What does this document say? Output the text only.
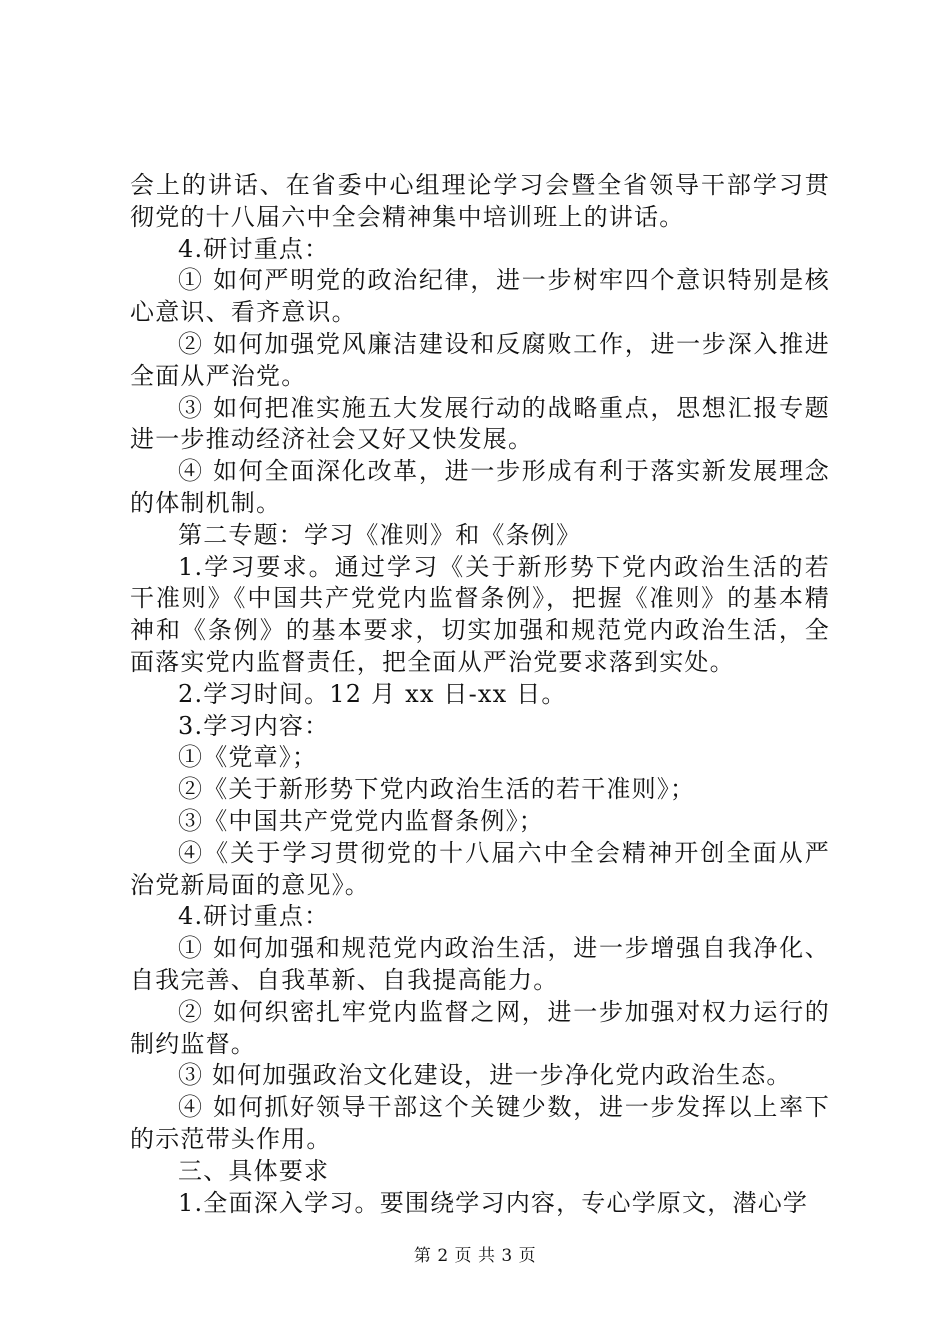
会上的讲话、在省委中心组理论学习会暨全省领导干部学习贯彻党的十八届六中全会精神集中培训班上的讲话。

4.研讨重点：

① 如何严明党的政治纪律，进一步树牢四个意识特别是核心意识、看齐意识。

② 如何加强党风廉洁建设和反腐败工作，进一步深入推进全面从严治党。

③ 如何把准实施五大发展行动的战略重点，思想汇报专题进一步推动经济社会又好又快发展。

④ 如何全面深化改革，进一步形成有利于落实新发展理念的体制机制。

第二专题：学习《准则》和《条例》

1.学习要求。通过学习《关于新形势下党内政治生活的若干准则》《中国共产党党内监督条例》，把握《准则》的基本精神和《条例》的基本要求，切实加强和规范党内政治生活，全面落实党内监督责任，把全面从严治党要求落到实处。

2.学习时间。12 月 xx 日-xx 日。

3.学习内容：

①《党章》；

②《关于新形势下党内政治生活的若干准则》；

③《中国共产党党内监督条例》；

④《关于学习贯彻党的十八届六中全会精神开创全面从严治党新局面的意见》。

4.研讨重点：

① 如何加强和规范党内政治生活，进一步增强自我净化、自我完善、自我革新、自我提高能力。

② 如何织密扎牢党内监督之网，进一步加强对权力运行的制约监督。

③ 如何加强政治文化建设，进一步净化党内政治生态。

④ 如何抓好领导干部这个关键少数，进一步发挥以上率下的示范带头作用。

三、具体要求

1.全面深入学习。要围绕学习内容，专心学原文，潜心学

第 2 页 共 3 页
